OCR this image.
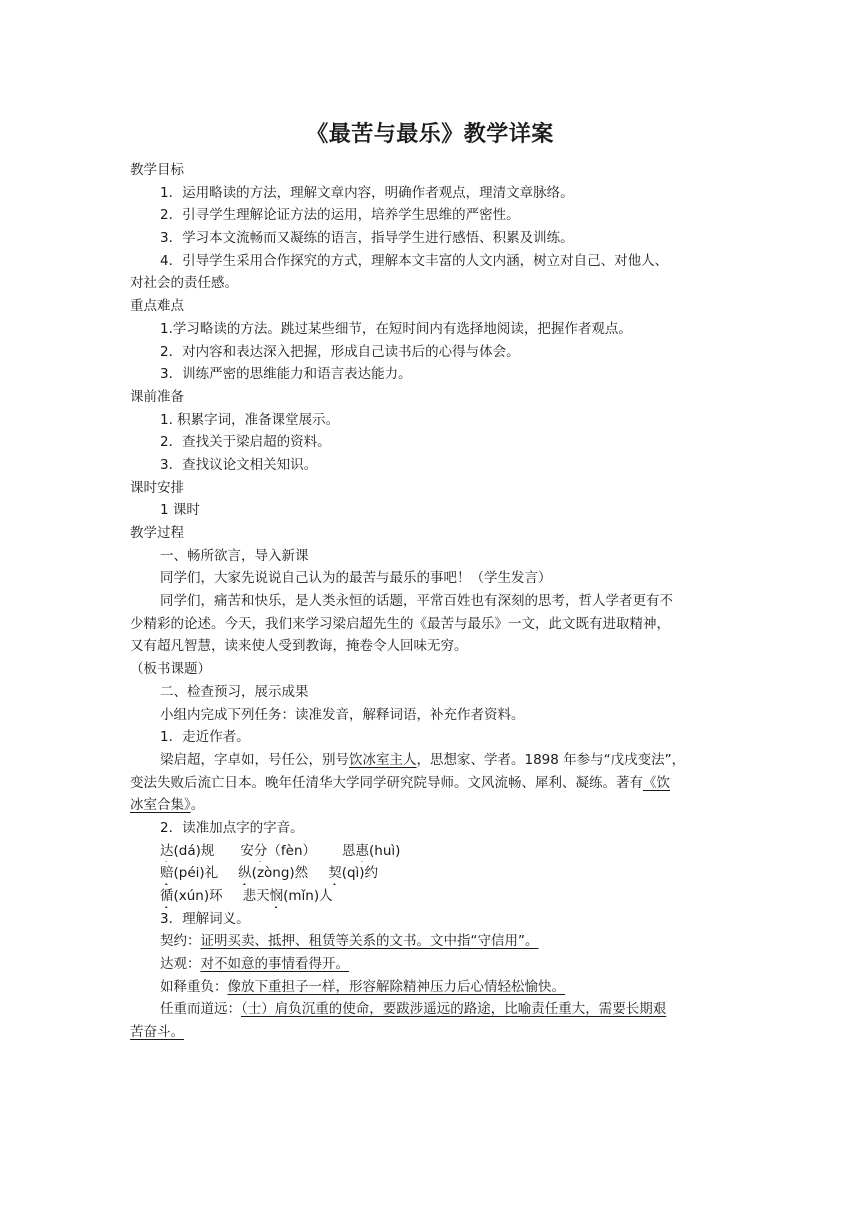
《最苦与最乐》教学详案
教学目标
1．运用略读的方法，理解文章内容，明确作者观点，理清文章脉络。
2．引寻学生理解论证方法的运用，培养学生思维的严密性。
3．学习本文流畅而又凝练的语言，指导学生进行感悟、积累及训练。
4．引导学生采用合作探究的方式，理解本文丰富的人文内涵，树立对自己、对他人、
对社会的责任感。
重点难点
1.学习略读的方法。跳过某些细节，在短时间内有选择地阅读，把握作者观点。
2．对内容和表达深入把握，形成自己读书后的心得与体会。
3．训练严密的思维能力和语言表达能力。
课前准备
1. 积累字词，准备课堂展示。
2．查找关于梁启超的资料。
3．查找议论文相关知识。
课时安排
1 课时
教学过程
一、畅所欲言，导入新课
同学们，大家先说说自己认为的最苦与最乐的事吧！（学生发言）
同学们，痛苦和快乐，是人类永恒的话题，平常百姓也有深刻的思考，哲人学者更有不
少精彩的论述。今天，我们来学习梁启超先生的《最苦与最乐》一文，此文既有进取精神，
又有超凡智慧，读来使人受到教诲，掩卷令人回味无穷。
（板书课题）
二、检查预习，展示成果
小组内完成下列任务：读准发音，解释词语，补充作者资料。
1．走近作者。
梁启超，字卓如，号任公，别号饮冰室主人，思想家、学者。1898 年参与“戊戌变法”，
变法失败后流亡日本。晚年任清华大学同学研究院导师。文风流畅、犀利、凝练。著有《饮
冰室合集》。
2．读准加点字的字音。
达(dá)规 安分（fèn） 恩惠(huì)
赔(péi)礼 纵(zòng)然 契(qì)约
循(xún)环 悲天悯(mǐn)人
3．理解词义。
契约：证明买卖、抵押、租赁等关系的文书。文中指“守信用”。
达观：对不如意的事情看得开。
如释重负：像放下重担子一样，形容解除精神压力后心情轻松愉快。
任重而道远：（士）肩负沉重的使命，要跋涉遥远的路途，比喻责任重大，需要长期艰
苦奋斗。
